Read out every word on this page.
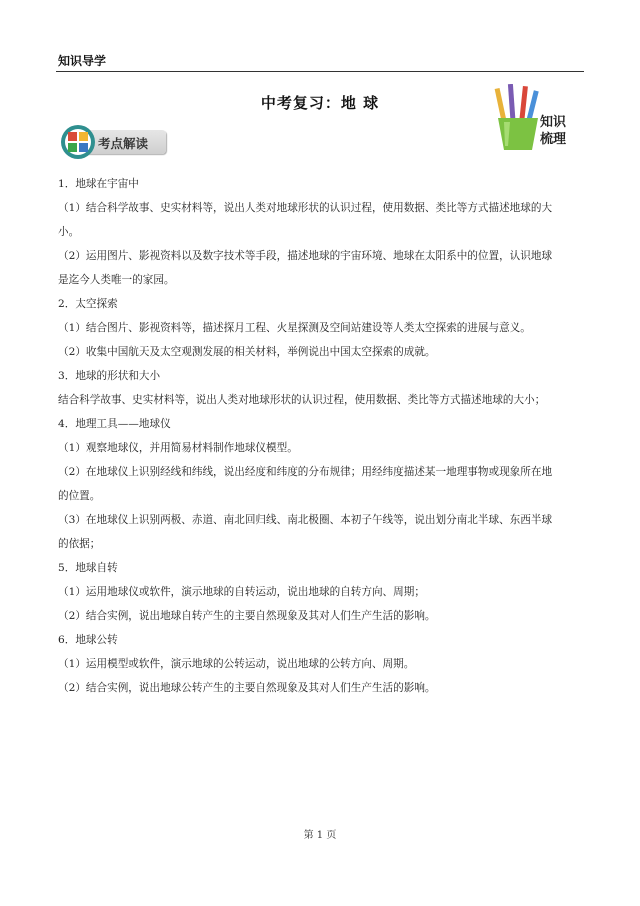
知识导学
中考复习：地 球
考点解读
知识
梳理

1．地球在宇宙中

（1）结合科学故事、史实材料等，说出人类对地球形状的认识过程，使用数据、类比等方式描述地球的大

小。

（2）运用图片、影视资料以及数字技术等手段，描述地球的宇宙环境、地球在太阳系中的位置，认识地球

是迄今人类唯一的家园。

2．太空探索

（1）结合图片、影视资料等，描述探月工程、火星探测及空间站建设等人类太空探索的进展与意义。

（2）收集中国航天及太空观测发展的相关材料，举例说出中国太空探索的成就。

3．地球的形状和大小

结合科学故事、史实材料等，说出人类对地球形状的认识过程，使用数据、类比等方式描述地球的大小；

4．地理工具——地球仪

（1）观察地球仪，并用简易材料制作地球仪模型。

（2）在地球仪上识别经线和纬线，说出经度和纬度的分布规律；用经纬度描述某一地理事物或现象所在地

的位置。

（3）在地球仪上识别两极、赤道、南北回归线、南北极圈、本初子午线等，说出划分南北半球、东西半球

的依据；

5．地球自转

（1）运用地球仪或软件，演示地球的自转运动，说出地球的自转方向、周期；

（2）结合实例，说出地球自转产生的主要自然现象及其对人们生产生活的影响。

6．地球公转

（1）运用模型或软件，演示地球的公转运动，说出地球的公转方向、周期。

（2）结合实例，说出地球公转产生的主要自然现象及其对人们生产生活的影响。

第 1 页
